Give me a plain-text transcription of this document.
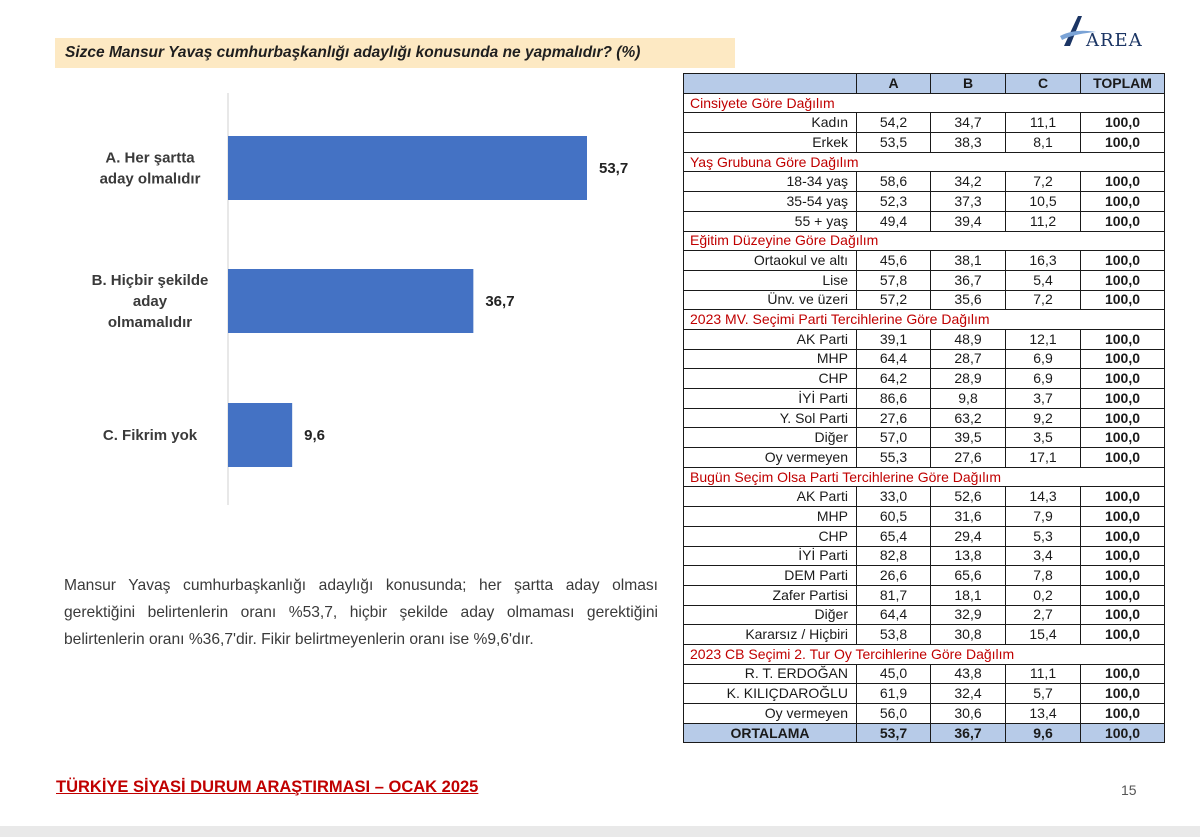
Sizce Mansur Yavaş cumhurbaşkanlığı adaylığı konusunda ne yapmalıdır? (%)
AREA
53,7
A. Her şartta aday olmalıdır
36,7
B. Hiçbir şekilde aday olmamalıdır
9,6
C. Fikrim yok

Mansur Yavaş cumhurbaşkanlığı adaylığı konusunda; her şartta aday olması gerektiğini belirtenlerin oranı %53,7, hiçbir şekilde aday olmaması gerektiğini belirtenlerin oranı %36,7'dir. Fikir belirtmeyenlerin oranı ise %9,6'dır.

	A	B	C	TOPLAM
Cinsiyete Göre Dağılım				
Kadın	54,2	34,7	11,1	100,0
Erkek	53,5	38,3	8,1	100,0
Yaş Grubuna Göre Dağılım				
18-34 yaş	58,6	34,2	7,2	100,0
35-54 yaş	52,3	37,3	10,5	100,0
55 + yaş	49,4	39,4	11,2	100,0
Eğitim Düzeyine Göre Dağılım				
Ortaokul ve altı	45,6	38,1	16,3	100,0
Lise	57,8	36,7	5,4	100,0
Ünv. ve üzeri	57,2	35,6	7,2	100,0
2023 MV. Seçimi Parti Tercihlerine Göre Dağılım				
AK Parti	39,1	48,9	12,1	100,0
MHP	64,4	28,7	6,9	100,0
CHP	64,2	28,9	6,9	100,0
İYİ Parti	86,6	9,8	3,7	100,0
Y. Sol Parti	27,6	63,2	9,2	100,0
Diğer	57,0	39,5	3,5	100,0
Oy vermeyen	55,3	27,6	17,1	100,0
Bugün Seçim Olsa Parti Tercihlerine Göre Dağılım				
AK Parti	33,0	52,6	14,3	100,0
MHP	60,5	31,6	7,9	100,0
CHP	65,4	29,4	5,3	100,0
İYİ Parti	82,8	13,8	3,4	100,0
DEM Parti	26,6	65,6	7,8	100,0
Zafer Partisi	81,7	18,1	0,2	100,0
Diğer	64,4	32,9	2,7	100,0
Kararsız / Hiçbiri	53,8	30,8	15,4	100,0
2023 CB Seçimi 2. Tur Oy Tercihlerine Göre Dağılım				
R. T. ERDOĞAN	45,0	43,8	11,1	100,0
K. KILIÇDAROĞLU	61,9	32,4	5,7	100,0
Oy vermeyen	56,0	30,6	13,4	100,0
ORTALAMA	53,7	36,7	9,6	100,0
TÜRKİYE SİYASİ DURUM ARAŞTIRMASI – OCAK 2025	15
